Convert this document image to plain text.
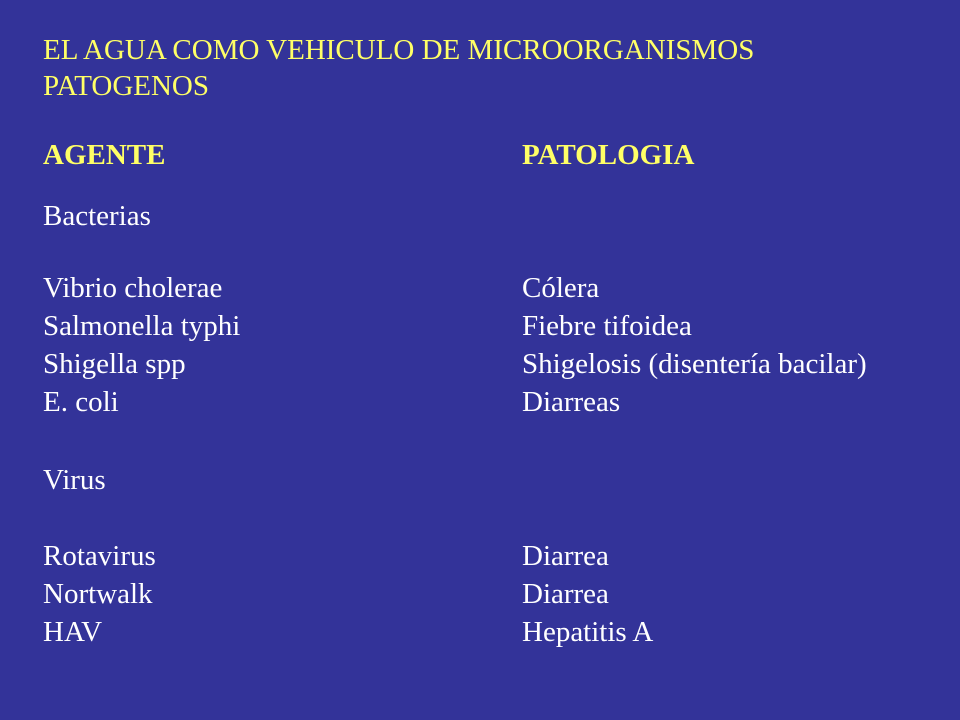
EL AGUA COMO VEHICULO DE MICROORGANISMOS
PATOGENOS
AGENTE	PATOLOGIA
Bacterias
Vibrio cholerae	Cólera
Salmonella typhi	Fiebre tifoidea
Shigella spp	Shigelosis (disentería bacilar)
E. coli	Diarreas
Virus
Rotavirus	Diarrea
Nortwalk	Diarrea
HAV	Hepatitis A
